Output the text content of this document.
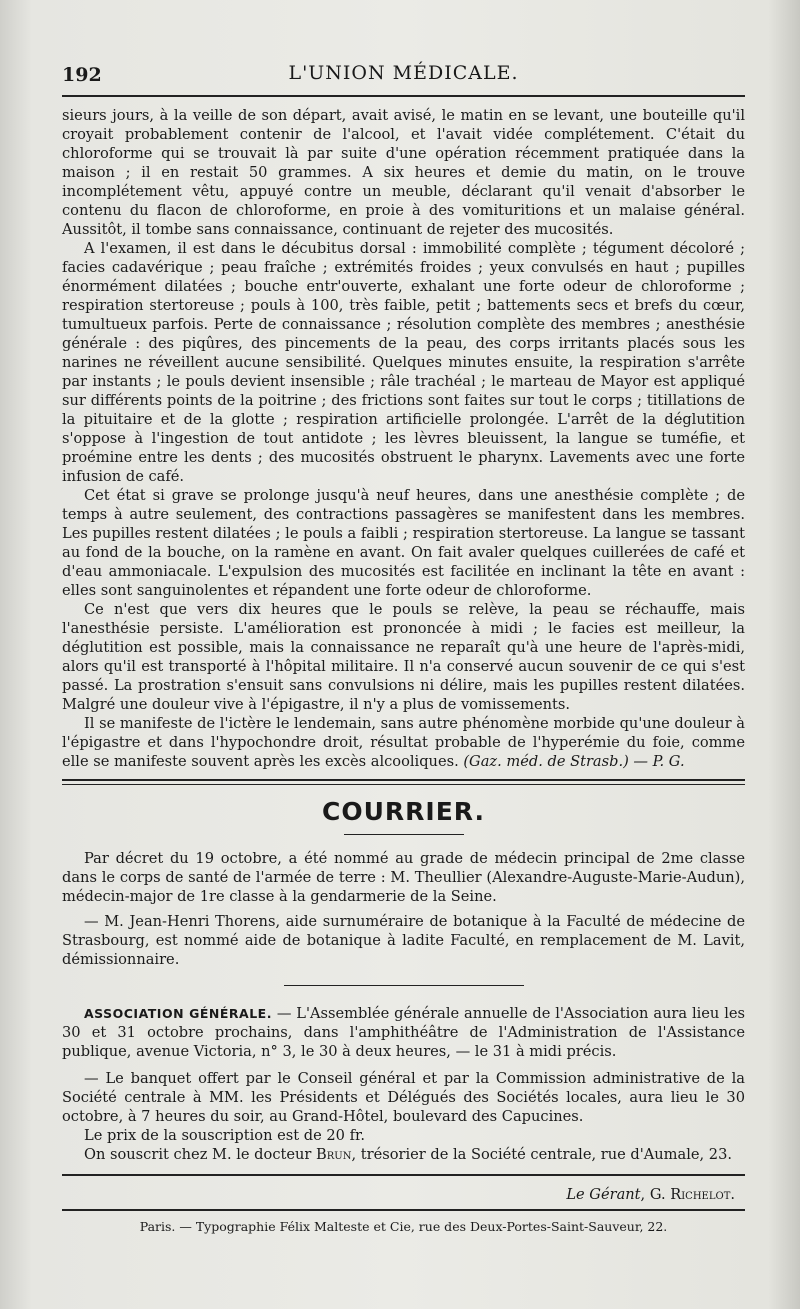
192	L'UNION MÉDICALE.

sieurs jours, à la veille de son départ, avait avisé, le matin en se levant, une bouteille qu'il croyait probablement contenir de l'alcool, et l'avait vidée complétement. C'était du chloroforme qui se trouvait là par suite d'une opération récemment pratiquée dans la maison ; il en restait 50 grammes. A six heures et demie du matin, on le trouve incomplétement vêtu, appuyé contre un meuble, déclarant qu'il venait d'absorber le contenu du flacon de chloroforme, en proie à des vomituritions et un malaise général. Aussitôt, il tombe sans connaissance, continuant de rejeter des mucosités.

A l'examen, il est dans le décubitus dorsal : immobilité complète ; tégument décoloré ; facies cadavérique ; peau fraîche ; extrémités froides ; yeux convulsés en haut ; pupilles énormément dilatées ; bouche entr'ouverte, exhalant une forte odeur de chloroforme ; respiration stertoreuse ; pouls à 100, très faible, petit ; battements secs et brefs du cœur, tumultueux parfois. Perte de connaissance ; résolution complète des membres ; anesthésie générale : des piqûres, des pincements de la peau, des corps irritants placés sous les narines ne réveillent aucune sensibilité. Quelques minutes ensuite, la respiration s'arrête par instants ; le pouls devient insensible ; râle trachéal ; le marteau de Mayor est appliqué sur différents points de la poitrine ; des frictions sont faites sur tout le corps ; titillations de la pituitaire et de la glotte ; respiration artificielle prolongée. L'arrêt de la déglutition s'oppose à l'ingestion de tout antidote ; les lèvres bleuissent, la langue se tuméfie, et proémine entre les dents ; des mucosités obstruent le pharynx. Lavements avec une forte infusion de café.

Cet état si grave se prolonge jusqu'à neuf heures, dans une anesthésie complète ; de temps à autre seulement, des contractions passagères se manifestent dans les membres. Les pupilles restent dilatées ; le pouls a faibli ; respiration stertoreuse. La langue se tassant au fond de la bouche, on la ramène en avant. On fait avaler quelques cuillerées de café et d'eau ammoniacale. L'expulsion des mucosités est facilitée en inclinant la tête en avant : elles sont sanguinolentes et répandent une forte odeur de chloroforme.

Ce n'est que vers dix heures que le pouls se relève, la peau se réchauffe, mais l'anesthésie persiste. L'amélioration est prononcée à midi ; le facies est meilleur, la déglutition est possible, mais la connaissance ne reparaît qu'à une heure de l'après-midi, alors qu'il est transporté à l'hôpital militaire. Il n'a conservé aucun souvenir de ce qui s'est passé. La prostration s'ensuit sans convulsions ni délire, mais les pupilles restent dilatées. Malgré une douleur vive à l'épigastre, il n'y a plus de vomissements.

Il se manifeste de l'ictère le lendemain, sans autre phénomène morbide qu'une douleur à l'épigastre et dans l'hypochondre droit, résultat probable de l'hyperémie du foie, comme elle se manifeste souvent après les excès alcooliques. (Gaz. méd. de Strasb.) — P. G.

COURRIER.

Par décret du 19 octobre, a été nommé au grade de médecin principal de 2me classe dans le corps de santé de l'armée de terre : M. Theullier (Alexandre-Auguste-Marie-Audun), médecin-major de 1re classe à la gendarmerie de la Seine.

— M. Jean-Henri Thorens, aide surnuméraire de botanique à la Faculté de médecine de Strasbourg, est nommé aide de botanique à ladite Faculté, en remplacement de M. Lavit, démissionnaire.

ASSOCIATION GÉNÉRALE. — L'Assemblée générale annuelle de l'Association aura lieu les 30 et 31 octobre prochains, dans l'amphithéâtre de l'Administration de l'Assistance publique, avenue Victoria, n° 3, le 30 à deux heures, — le 31 à midi précis.

— Le banquet offert par le Conseil général et par la Commission administrative de la Société centrale à MM. les Présidents et Délégués des Sociétés locales, aura lieu le 30 octobre, à 7 heures du soir, au Grand-Hôtel, boulevard des Capucines.

Le prix de la souscription est de 20 fr.

On souscrit chez M. le docteur Brun, trésorier de la Société centrale, rue d'Aumale, 23.

Le Gérant, G. Richelot.
Paris. — Typographie Félix Malteste et Cie, rue des Deux-Portes-Saint-Sauveur, 22.
